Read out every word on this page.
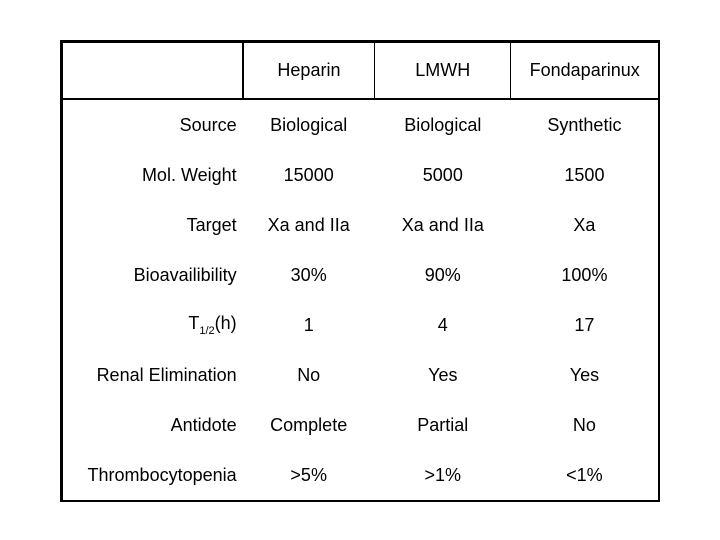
	Heparin	LMWH	Fondaparinux
Source	Biological	Biological	Synthetic
Mol. Weight	15000	5000	1500
Target	Xa and IIa	Xa and IIa	Xa
Bioavailibility	30%	90%	100%
$T_{1/2}(h)$	1	4	17
Renal Elimination	No	Yes	Yes
Antidote	Complete	Partial	No
Thrombocytopenia	>5%	>1%	<1%
